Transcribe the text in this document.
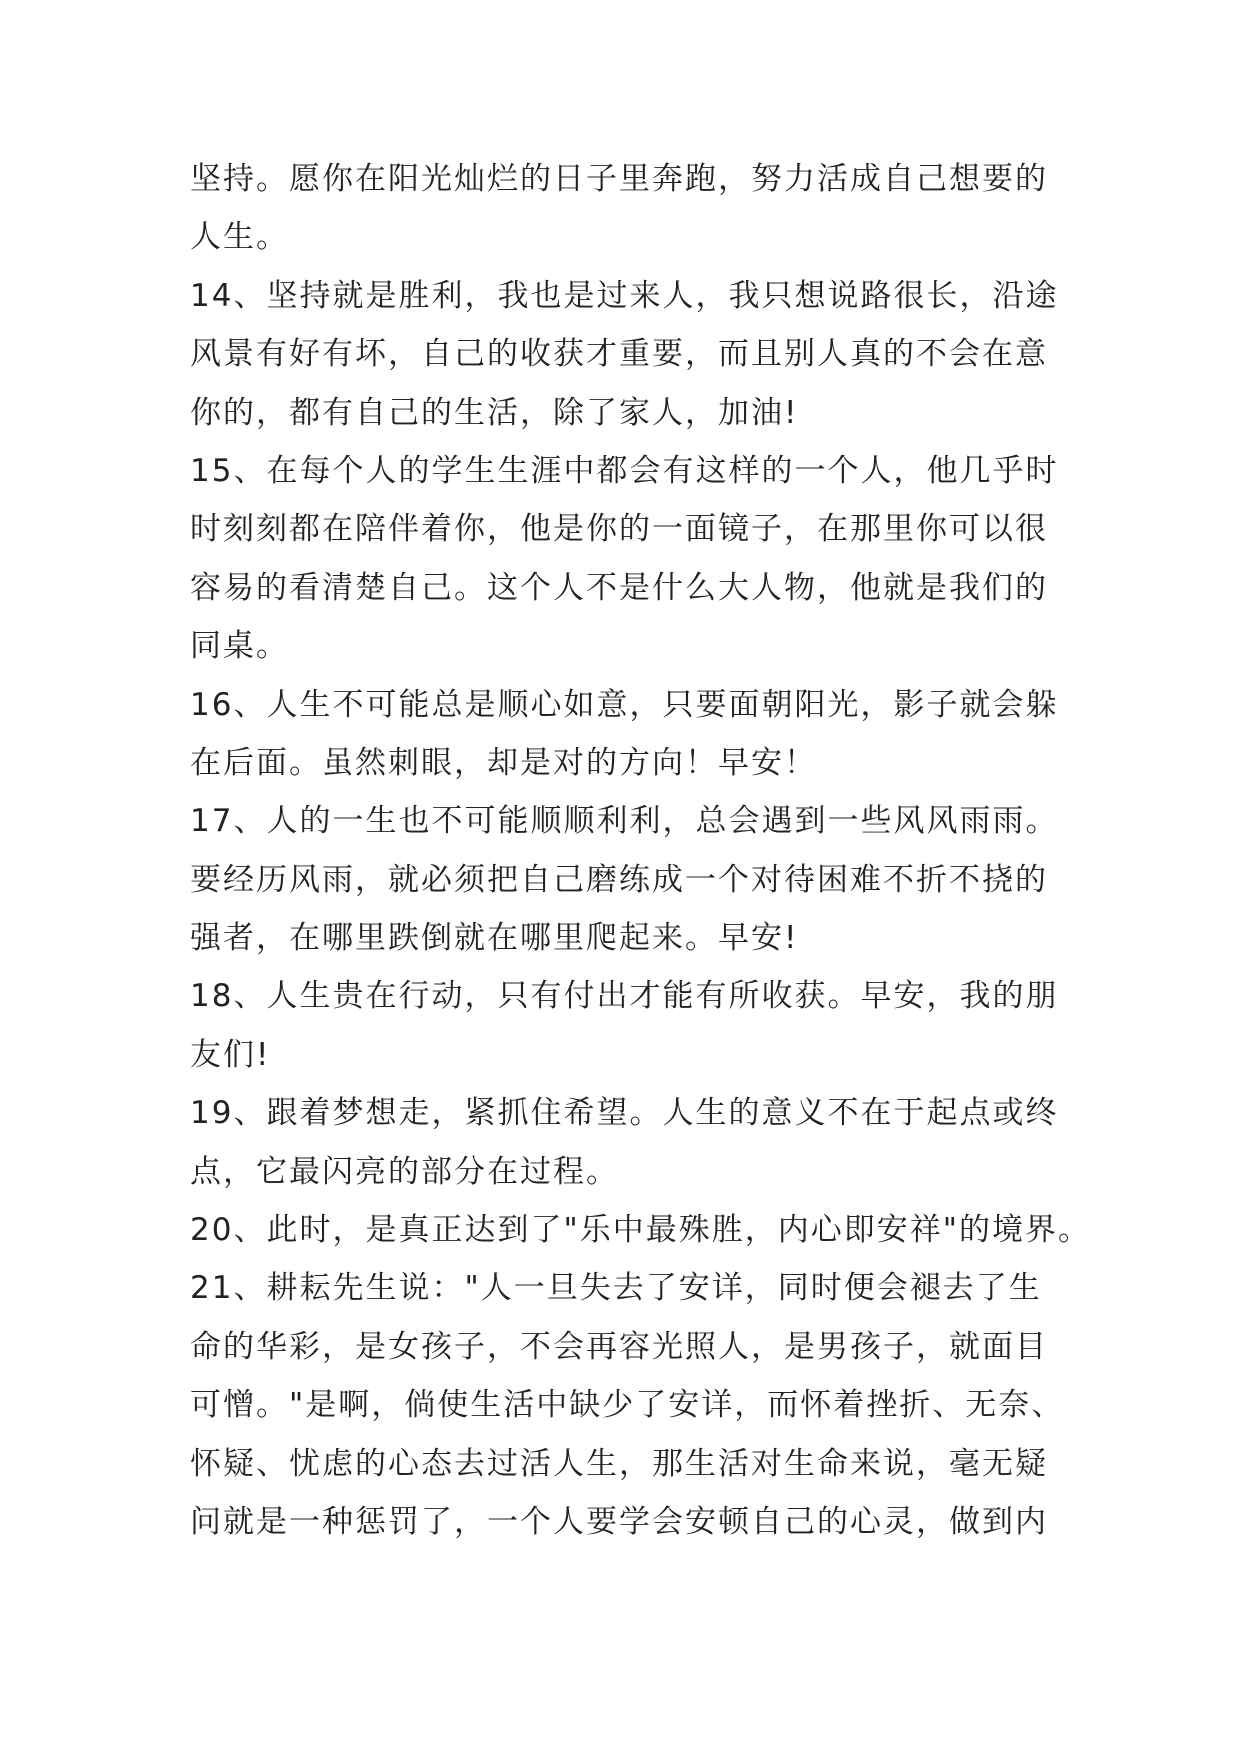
坚持。愿你在阳光灿烂的日子里奔跑，努力活成自己想要的
人生。
14、坚持就是胜利，我也是过来人，我只想说路很长，沿途
风景有好有坏，自己的收获才重要，而且别人真的不会在意
你的，都有自己的生活，除了家人，加油!
15、在每个人的学生生涯中都会有这样的一个人，他几乎时
时刻刻都在陪伴着你，他是你的一面镜子，在那里你可以很
容易的看清楚自己。这个人不是什么大人物，他就是我们的
同桌。
16、人生不可能总是顺心如意，只要面朝阳光，影子就会躲
在后面。虽然刺眼，却是对的方向！早安！
17、人的一生也不可能顺顺利利，总会遇到一些风风雨雨。
要经历风雨，就必须把自己磨练成一个对待困难不折不挠的
强者，在哪里跌倒就在哪里爬起来。早安!
18、人生贵在行动，只有付出才能有所收获。早安，我的朋
友们!
19、跟着梦想走，紧抓住希望。人生的意义不在于起点或终
点，它最闪亮的部分在过程。
20、此时，是真正达到了"乐中最殊胜，内心即安祥"的境界。
21、耕耘先生说："人一旦失去了安详，同时便会褪去了生
命的华彩，是女孩子，不会再容光照人，是男孩子，就面目
可憎。"是啊，倘使生活中缺少了安详，而怀着挫折、无奈、
怀疑、忧虑的心态去过活人生，那生活对生命来说，毫无疑
问就是一种惩罚了，一个人要学会安顿自己的心灵，做到内
